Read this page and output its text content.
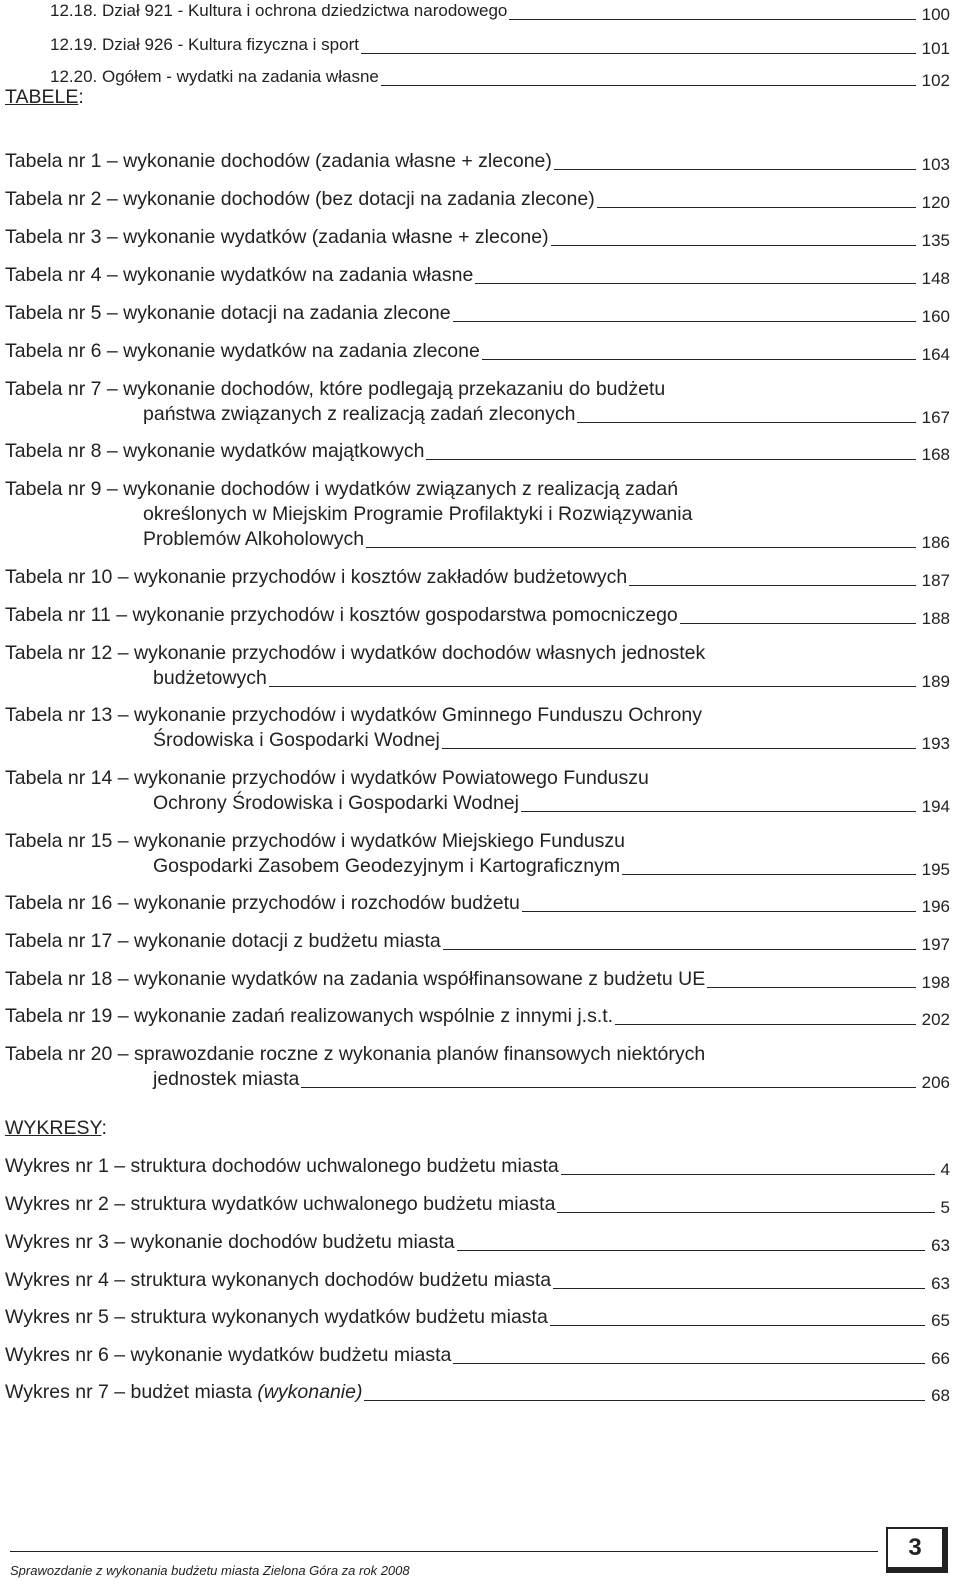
12.18. Dział 921 - Kultura i ochrona dziedzictwa narodowego	100
12.19. Dział 926 - Kultura fizyczna i sport	101
12.20. Ogółem - wydatki na zadania własne	102
Tabela nr 1 – wykonanie dochodów (zadania własne + zlecone)	103
Tabela nr 2 – wykonanie dochodów (bez dotacji na zadania zlecone)	120
Tabela nr 3 – wykonanie wydatków (zadania własne + zlecone)	135
Tabela nr 4 – wykonanie wydatków na zadania własne	148
Tabela nr 5 – wykonanie dotacji na zadania zlecone	160
Tabela nr 6 – wykonanie wydatków na zadania zlecone	164
Tabela nr 7 – wykonanie dochodów, które podlegają przekazaniu do budżetu
państwa związanych z realizacją zadań zleconych	167
Tabela nr 8 – wykonanie wydatków majątkowych	168
Tabela nr 9 – wykonanie dochodów i wydatków związanych z realizacją zadań
określonych w Miejskim Programie Profilaktyki i Rozwiązywania
Problemów Alkoholowych	186
Tabela nr 10 – wykonanie przychodów i kosztów zakładów budżetowych	187
Tabela nr 11 – wykonanie przychodów i kosztów gospodarstwa pomocniczego	188
Tabela nr 12 – wykonanie przychodów i wydatków dochodów własnych jednostek
budżetowych	189
Tabela nr 13 – wykonanie przychodów i wydatków Gminnego Funduszu Ochrony
Środowiska i Gospodarki Wodnej	193
Tabela nr 14 – wykonanie przychodów i wydatków Powiatowego Funduszu
Ochrony Środowiska i Gospodarki Wodnej	194
Tabela nr 15 – wykonanie przychodów i wydatków Miejskiego Funduszu
Gospodarki Zasobem Geodezyjnym i Kartograficznym	195
Tabela nr 16 – wykonanie przychodów i rozchodów budżetu	196
Tabela nr 17 – wykonanie dotacji z budżetu miasta	197
Tabela nr 18 – wykonanie wydatków na zadania współfinansowane z budżetu UE	198
Tabela nr 19 – wykonanie zadań realizowanych wspólnie z innymi j.s.t.	202
Tabela nr 20 – sprawozdanie roczne z wykonania planów finansowych niektórych
jednostek miasta	206
Wykres nr 1 – struktura dochodów uchwalonego budżetu miasta	4
Wykres nr 2 – struktura wydatków uchwalonego budżetu miasta	5
Wykres nr 3 – wykonanie dochodów budżetu miasta	63
Wykres nr 4 – struktura wykonanych dochodów budżetu miasta	63
Wykres nr 5 – struktura wykonanych wydatków budżetu miasta	65
Wykres nr 6 – wykonanie wydatków budżetu miasta	66
Wykres nr 7 – budżet miasta (wykonanie)	68
TABELE:
WYKRESY:
Sprawozdanie z wykonania budżetu miasta Zielona Góra za rok 2008
3
